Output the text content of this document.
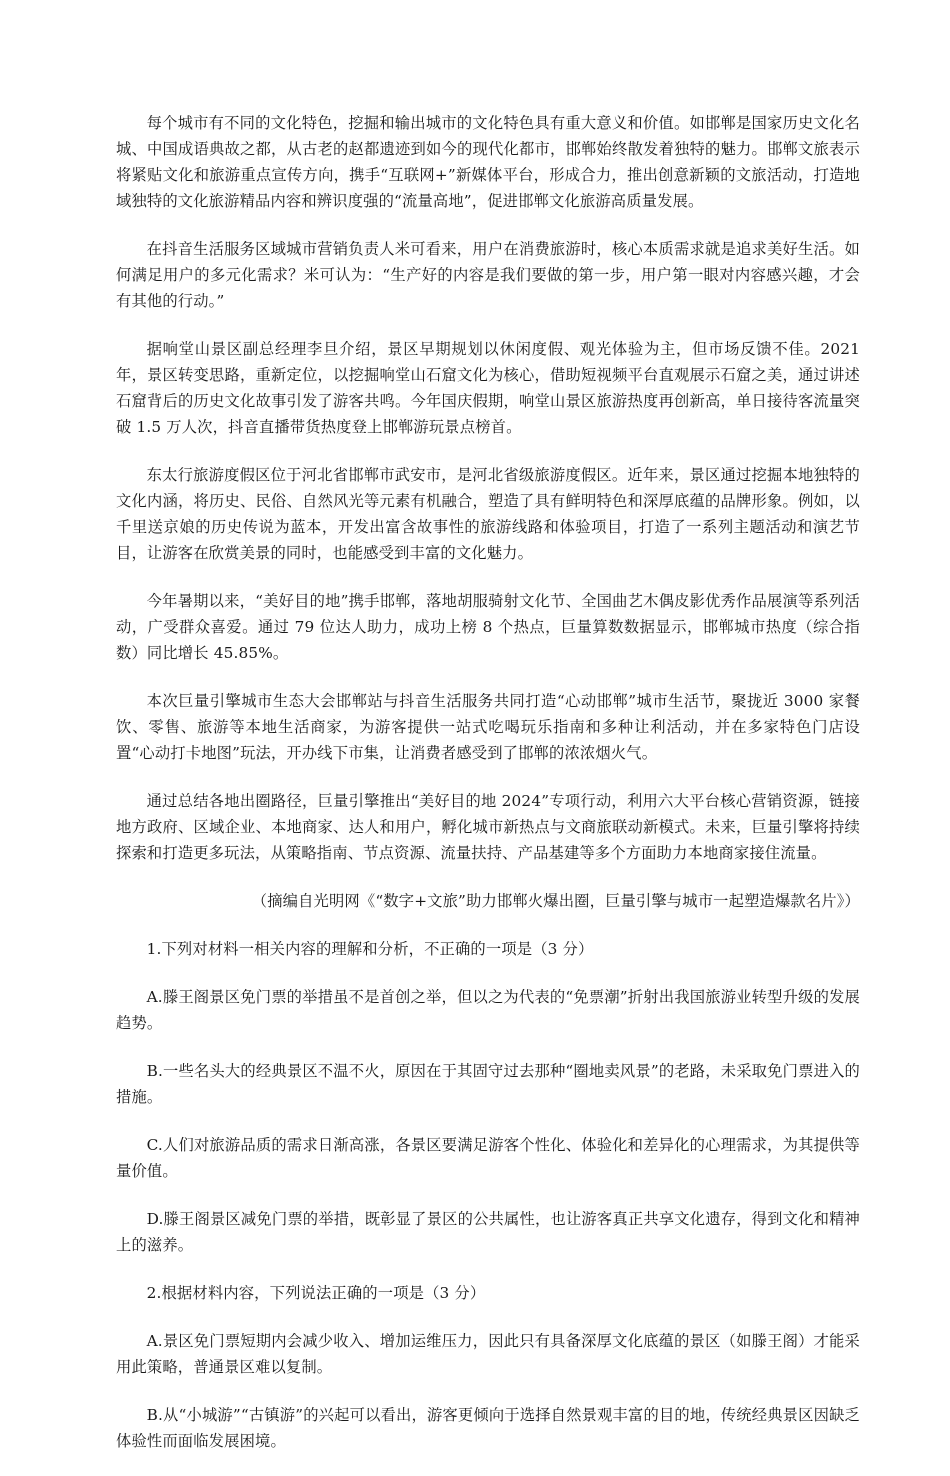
每个城市有不同的文化特色，挖掘和输出城市的文化特色具有重大意义和价值。如邯郸是国家历史文化名城、中国成语典故之都，从古老的赵都遗迹到如今的现代化都市，邯郸始终散发着独特的魅力。邯郸文旅表示将紧贴文化和旅游重点宣传方向，携手“互联网+”新媒体平台，形成合力，推出创意新颖的文旅活动，打造地域独特的文化旅游精品内容和辨识度强的“流量高地”，促进邯郸文化旅游高质量发展。

在抖音生活服务区域城市营销负责人米可看来，用户在消费旅游时，核心本质需求就是追求美好生活。如何满足用户的多元化需求？米可认为：“生产好的内容是我们要做的第一步，用户第一眼对内容感兴趣，才会有其他的行动。”

据响堂山景区副总经理李旦介绍，景区早期规划以休闲度假、观光体验为主，但市场反馈不佳。2021年，景区转变思路，重新定位，以挖掘响堂山石窟文化为核心，借助短视频平台直观展示石窟之美，通过讲述石窟背后的历史文化故事引发了游客共鸣。今年国庆假期，响堂山景区旅游热度再创新高，单日接待客流量突破 1.5 万人次，抖音直播带货热度登上邯郸游玩景点榜首。

东太行旅游度假区位于河北省邯郸市武安市，是河北省级旅游度假区。近年来，景区通过挖掘本地独特的文化内涵，将历史、民俗、自然风光等元素有机融合，塑造了具有鲜明特色和深厚底蕴的品牌形象。例如，以千里送京娘的历史传说为蓝本，开发出富含故事性的旅游线路和体验项目，打造了一系列主题活动和演艺节目，让游客在欣赏美景的同时，也能感受到丰富的文化魅力。

今年暑期以来，“美好目的地”携手邯郸，落地胡服骑射文化节、全国曲艺木偶皮影优秀作品展演等系列活动，广受群众喜爱。通过 79 位达人助力，成功上榜 8 个热点，巨量算数数据显示，邯郸城市热度（综合指数）同比增长 45.85%。

本次巨量引擎城市生态大会邯郸站与抖音生活服务共同打造“心动邯郸”城市生活节，聚拢近 3000 家餐饮、零售、旅游等本地生活商家，为游客提供一站式吃喝玩乐指南和多种让利活动，并在多家特色门店设置“心动打卡地图”玩法，开办线下市集，让消费者感受到了邯郸的浓浓烟火气。

通过总结各地出圈路径，巨量引擎推出“美好目的地 2024”专项行动，利用六大平台核心营销资源，链接地方政府、区域企业、本地商家、达人和用户，孵化城市新热点与文商旅联动新模式。未来，巨量引擎将持续探索和打造更多玩法，从策略指南、节点资源、流量扶持、产品基建等多个方面助力本地商家接住流量。

（摘编自光明网《“数字+文旅”助力邯郸火爆出圈，巨量引擎与城市一起塑造爆款名片》）

1.下列对材料一相关内容的理解和分析，不正确的一项是（3 分）

A.滕王阁景区免门票的举措虽不是首创之举，但以之为代表的“免票潮”折射出我国旅游业转型升级的发展趋势。

B.一些名头大的经典景区不温不火，原因在于其固守过去那种“圈地卖风景”的老路，未采取免门票进入的措施。

C.人们对旅游品质的需求日渐高涨，各景区要满足游客个性化、体验化和差异化的心理需求，为其提供等量价值。

D.滕王阁景区减免门票的举措，既彰显了景区的公共属性，也让游客真正共享文化遗存，得到文化和精神上的滋养。

2.根据材料内容，下列说法正确的一项是（3 分）

A.景区免门票短期内会减少收入、增加运维压力，因此只有具备深厚文化底蕴的景区（如滕王阁）才能采用此策略，普通景区难以复制。

B.从“小城游”“古镇游”的兴起可以看出，游客更倾向于选择自然景观丰富的目的地，传统经典景区因缺乏体验性而面临发展困境。
